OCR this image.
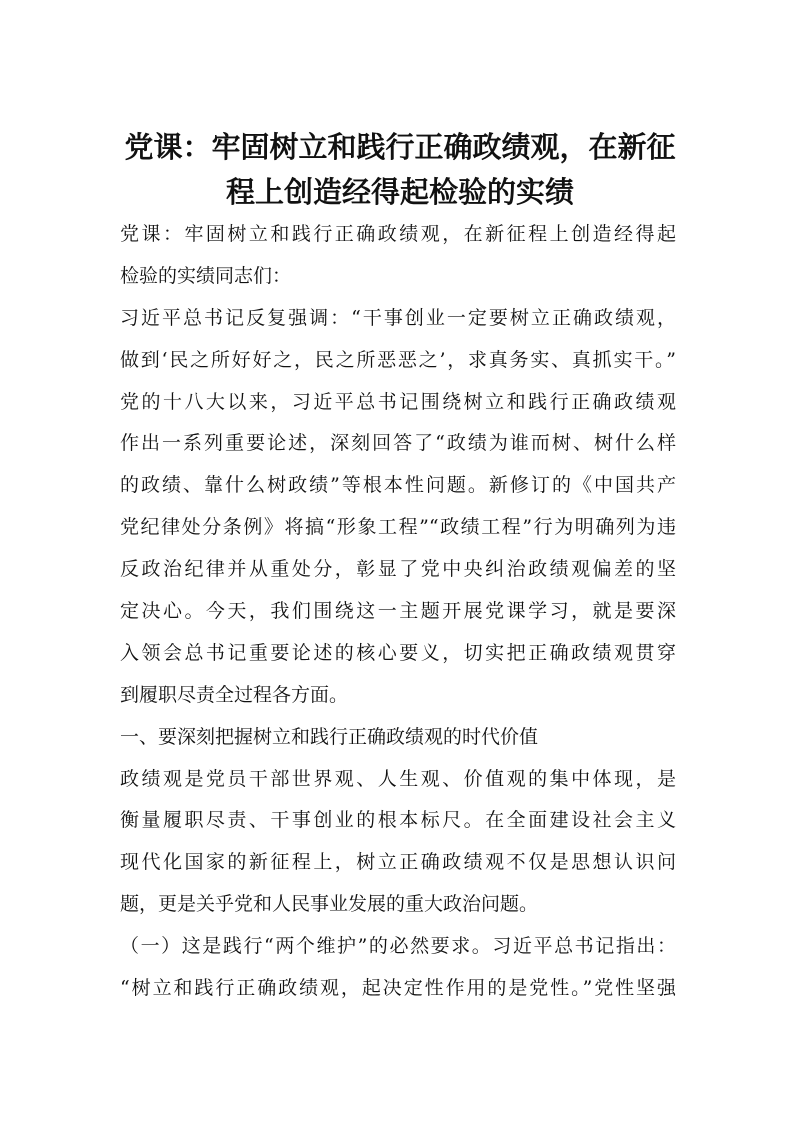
党课：牢固树立和践行正确政绩观，在新征
程上创造经得起检验的实绩
党课：牢固树立和践行正确政绩观，在新征程上创造经得起
检验的实绩同志们：
习近平总书记反复强调：“干事创业一定要树立正确政绩观，
做到‘民之所好好之，民之所恶恶之’，求真务实、真抓实干。”
党的十八大以来，习近平总书记围绕树立和践行正确政绩观
作出一系列重要论述，深刻回答了“政绩为谁而树、树什么样
的政绩、靠什么树政绩”等根本性问题。新修订的《中国共产
党纪律处分条例》将搞“形象工程”“政绩工程”行为明确列为违
反政治纪律并从重处分，彰显了党中央纠治政绩观偏差的坚
定决心。今天，我们围绕这一主题开展党课学习，就是要深
入领会总书记重要论述的核心要义，切实把正确政绩观贯穿
到履职尽责全过程各方面。
一、要深刻把握树立和践行正确政绩观的时代价值
政绩观是党员干部世界观、人生观、价值观的集中体现，是
衡量履职尽责、干事创业的根本标尺。在全面建设社会主义
现代化国家的新征程上，树立正确政绩观不仅是思想认识问
题，更是关乎党和人民事业发展的重大政治问题。
（一）这是践行“两个维护”的必然要求。习近平总书记指出：
“树立和践行正确政绩观，起决定性作用的是党性。”党性坚强
